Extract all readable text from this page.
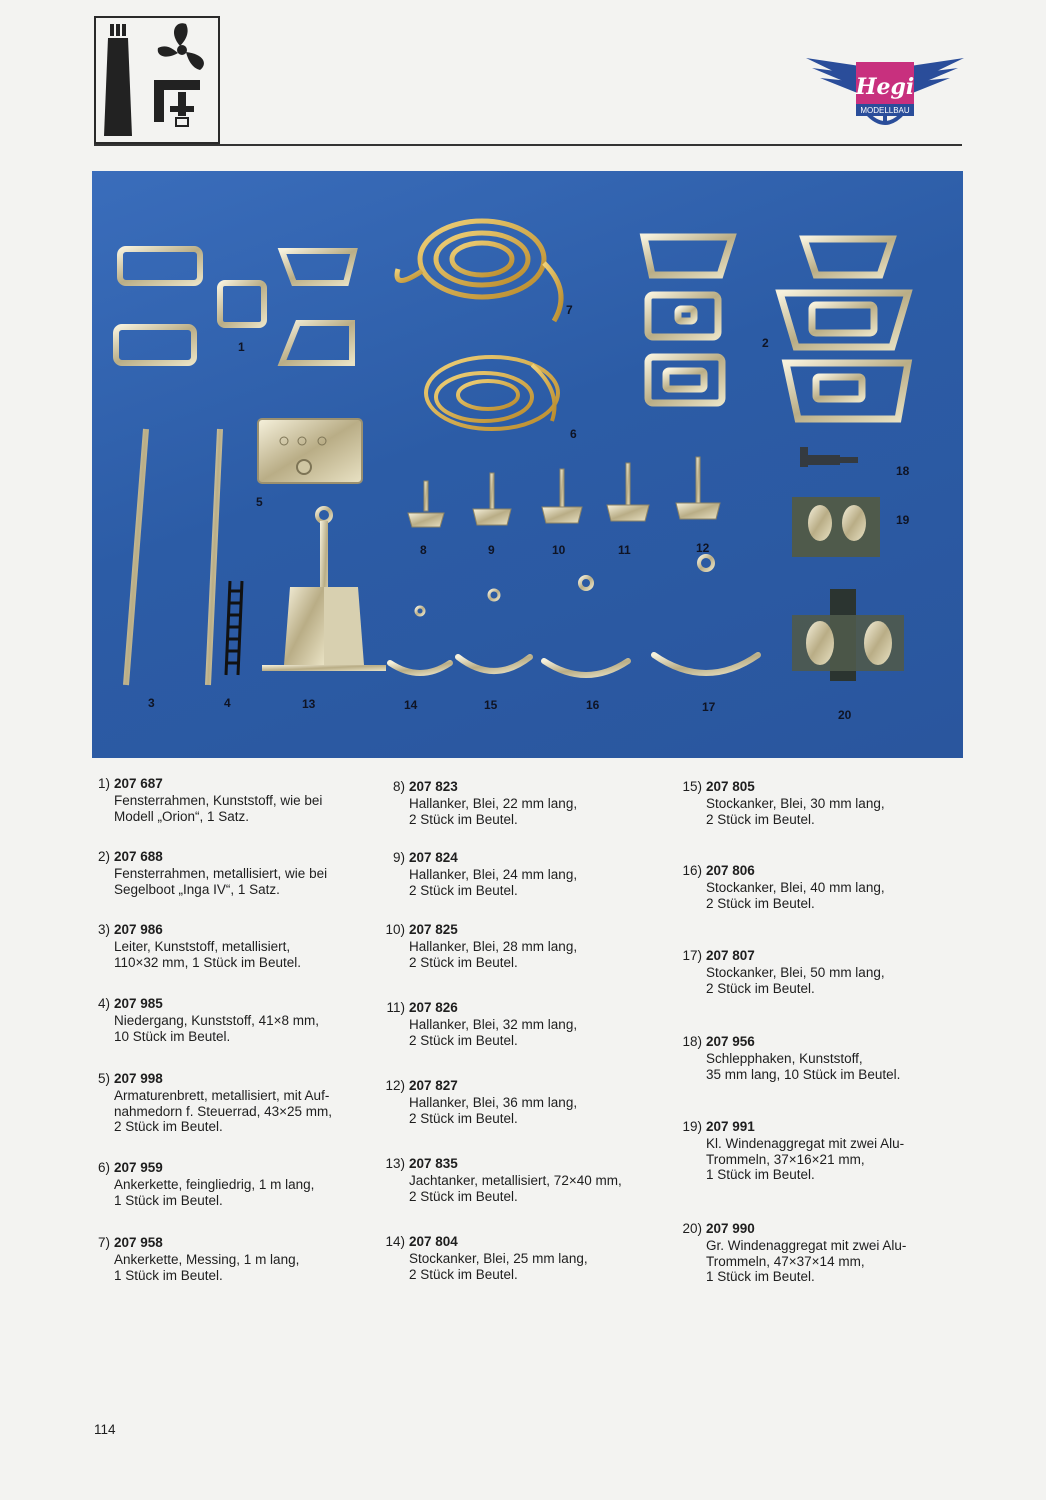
Hegi
MODELLBAU
1	2
3	4
5
6
7
8	9	10	11	12
13	14	15	16	17
18
19
20
1) 207 687
Fensterrahmen, Kunststoff, wie bei
Modell „Orion“, 1 Satz.
2) 207 688
Fensterrahmen, metallisiert, wie bei
Segelboot „Inga IV“, 1 Satz.
3) 207 986
Leiter, Kunststoff, metallisiert,
110×32 mm, 1 Stück im Beutel.
4) 207 985
Niedergang, Kunststoff, 41×8 mm,
10 Stück im Beutel.
5) 207 998
Armaturenbrett, metallisiert, mit Auf-
nahmedorn f. Steuerrad, 43×25 mm,
2 Stück im Beutel.
6) 207 959
Ankerkette, feingliedrig, 1 m lang,
1 Stück im Beutel.
7) 207 958
Ankerkette, Messing, 1 m lang,
1 Stück im Beutel.
8) 207 823
Hallanker, Blei, 22 mm lang,
2 Stück im Beutel.
9) 207 824
Hallanker, Blei, 24 mm lang,
2 Stück im Beutel.
10) 207 825
Hallanker, Blei, 28 mm lang,
2 Stück im Beutel.
11) 207 826
Hallanker, Blei, 32 mm lang,
2 Stück im Beutel.
12) 207 827
Hallanker, Blei, 36 mm lang,
2 Stück im Beutel.
13) 207 835
Jachtanker, metallisiert, 72×40 mm,
2 Stück im Beutel.
14) 207 804
Stockanker, Blei, 25 mm lang,
2 Stück im Beutel.
15) 207 805
Stockanker, Blei, 30 mm lang,
2 Stück im Beutel.
16) 207 806
Stockanker, Blei, 40 mm lang,
2 Stück im Beutel.
17) 207 807
Stockanker, Blei, 50 mm lang,
2 Stück im Beutel.
18) 207 956
Schlepphaken, Kunststoff,
35 mm lang, 10 Stück im Beutel.
19) 207 991
Kl. Windenaggregat mit zwei Alu-
Trommeln, 37×16×21 mm,
1 Stück im Beutel.
20) 207 990
Gr. Windenaggregat mit zwei Alu-
Trommeln, 47×37×14 mm,
1 Stück im Beutel.
114
